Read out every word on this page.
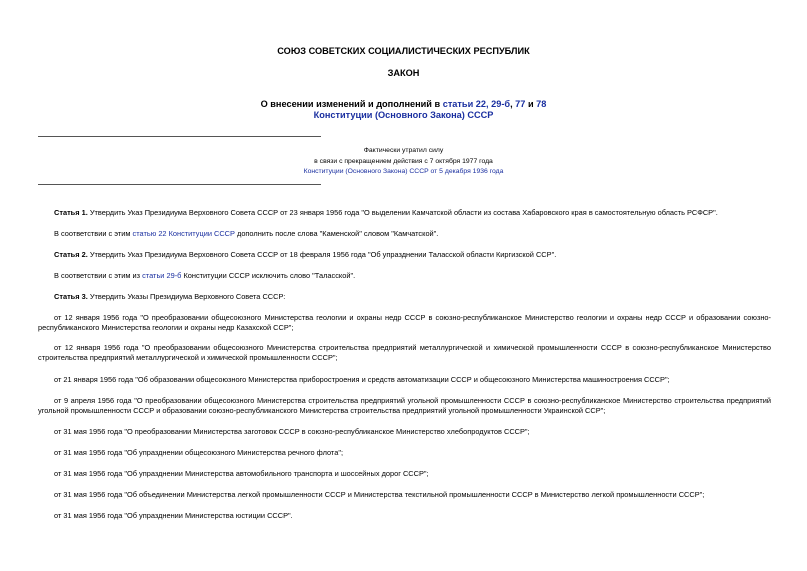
СОЮЗ СОВЕТСКИХ СОЦИАЛИСТИЧЕСКИХ РЕСПУБЛИК
ЗАКОН
О внесении изменений и дополнений в статьи 22, 29-б, 77 и 78
Конституции (Основного Закона) СССР
Фактически утратил силу
в связи с прекращением действия с 7 октября 1977 года
Конституции (Основного Закона) СССР от 5 декабря 1936 года
Статья 1. Утвердить Указ Президиума Верховного Совета СССР от 23 января 1956 года "О выделении Камчатской области из состава Хабаровского края в самостоятельную область РСФСР".
В соответствии с этим статью 22 Конституции СССР дополнить после слова "Каменской" словом "Камчатской".
Статья 2. Утвердить Указ Президиума Верховного Совета СССР от 18 февраля 1956 года "Об упразднении Таласской области Киргизской ССР".
В соответствии с этим из статьи 29-б Конституции СССР исключить слово "Таласской".
Статья 3. Утвердить Указы Президиума Верховного Совета СССР:
от 12 января 1956 года "О преобразовании общесоюзного Министерства геологии и охраны недр СССР в союзно-республиканское Министерство геологии и охраны недр СССР и образовании союзно-республиканского Министерства геологии и охраны недр Казахской ССР";
от 12 января 1956 года "О преобразовании общесоюзного Министерства строительства предприятий металлургической и химической промышленности СССР в союзно-республиканское Министерство строительства предприятий металлургической и химической промышленности СССР";
от 21 января 1956 года "Об образовании общесоюзного Министерства приборостроения и средств автоматизации СССР и общесоюзного Министерства машиностроения СССР";
от 9 апреля 1956 года "О преобразовании общесоюзного Министерства строительства предприятий угольной промышленности СССР в союзно-республиканское Министерство строительства предприятий угольной промышленности СССР и образовании союзно-республиканского Министерства строительства предприятий угольной промышленности Украинской ССР";
от 31 мая 1956 года "О преобразовании Министерства заготовок СССР в союзно-республиканское Министерство хлебопродуктов СССР";
от 31 мая 1956 года "Об упразднении общесоюзного Министерства речного флота";
от 31 мая 1956 года "Об упразднении Министерства автомобильного транспорта и шоссейных дорог СССР";
от 31 мая 1956 года "Об объединении Министерства легкой промышленности СССР и Министерства текстильной промышленности СССР в Министерство легкой промышленности СССР";
от 31 мая 1956 года "Об упразднении Министерства юстиции СССР".
